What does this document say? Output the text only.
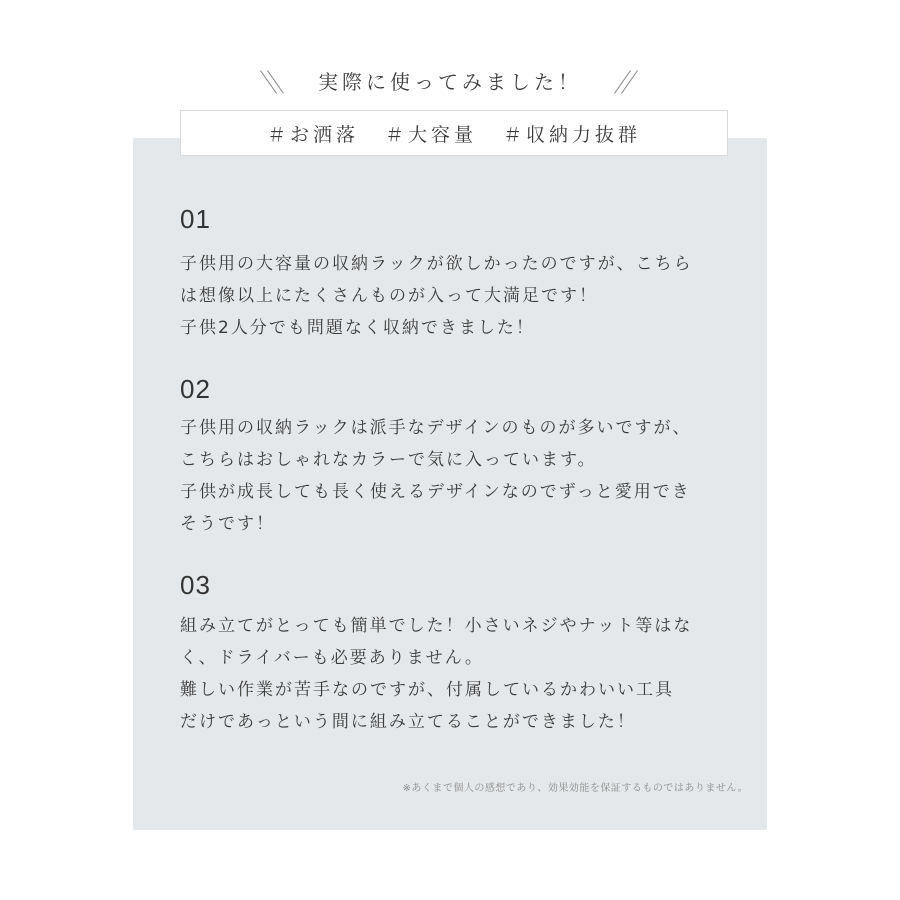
実際に使ってみました！
＃お洒落 ＃大容量 ＃収納力抜群
01

子供用の大容量の収納ラックが欲しかったのですが、こちら

は想像以上にたくさんものが入って大満足です！

子供2人分でも問題なく収納できました！

02

子供用の収納ラックは派手なデザインのものが多いですが、

こちらはおしゃれなカラーで気に入っています。

子供が成長しても長く使えるデザインなのでずっと愛用でき

そうです！

03

組み立てがとっても簡単でした！小さいネジやナット等はな

く、ドライバーも必要ありません。

難しい作業が苦手なのですが、付属しているかわいい工具

だけであっという間に組み立てることができました！

※あくまで個人の感想であり、効果効能を保証するものではありません。
